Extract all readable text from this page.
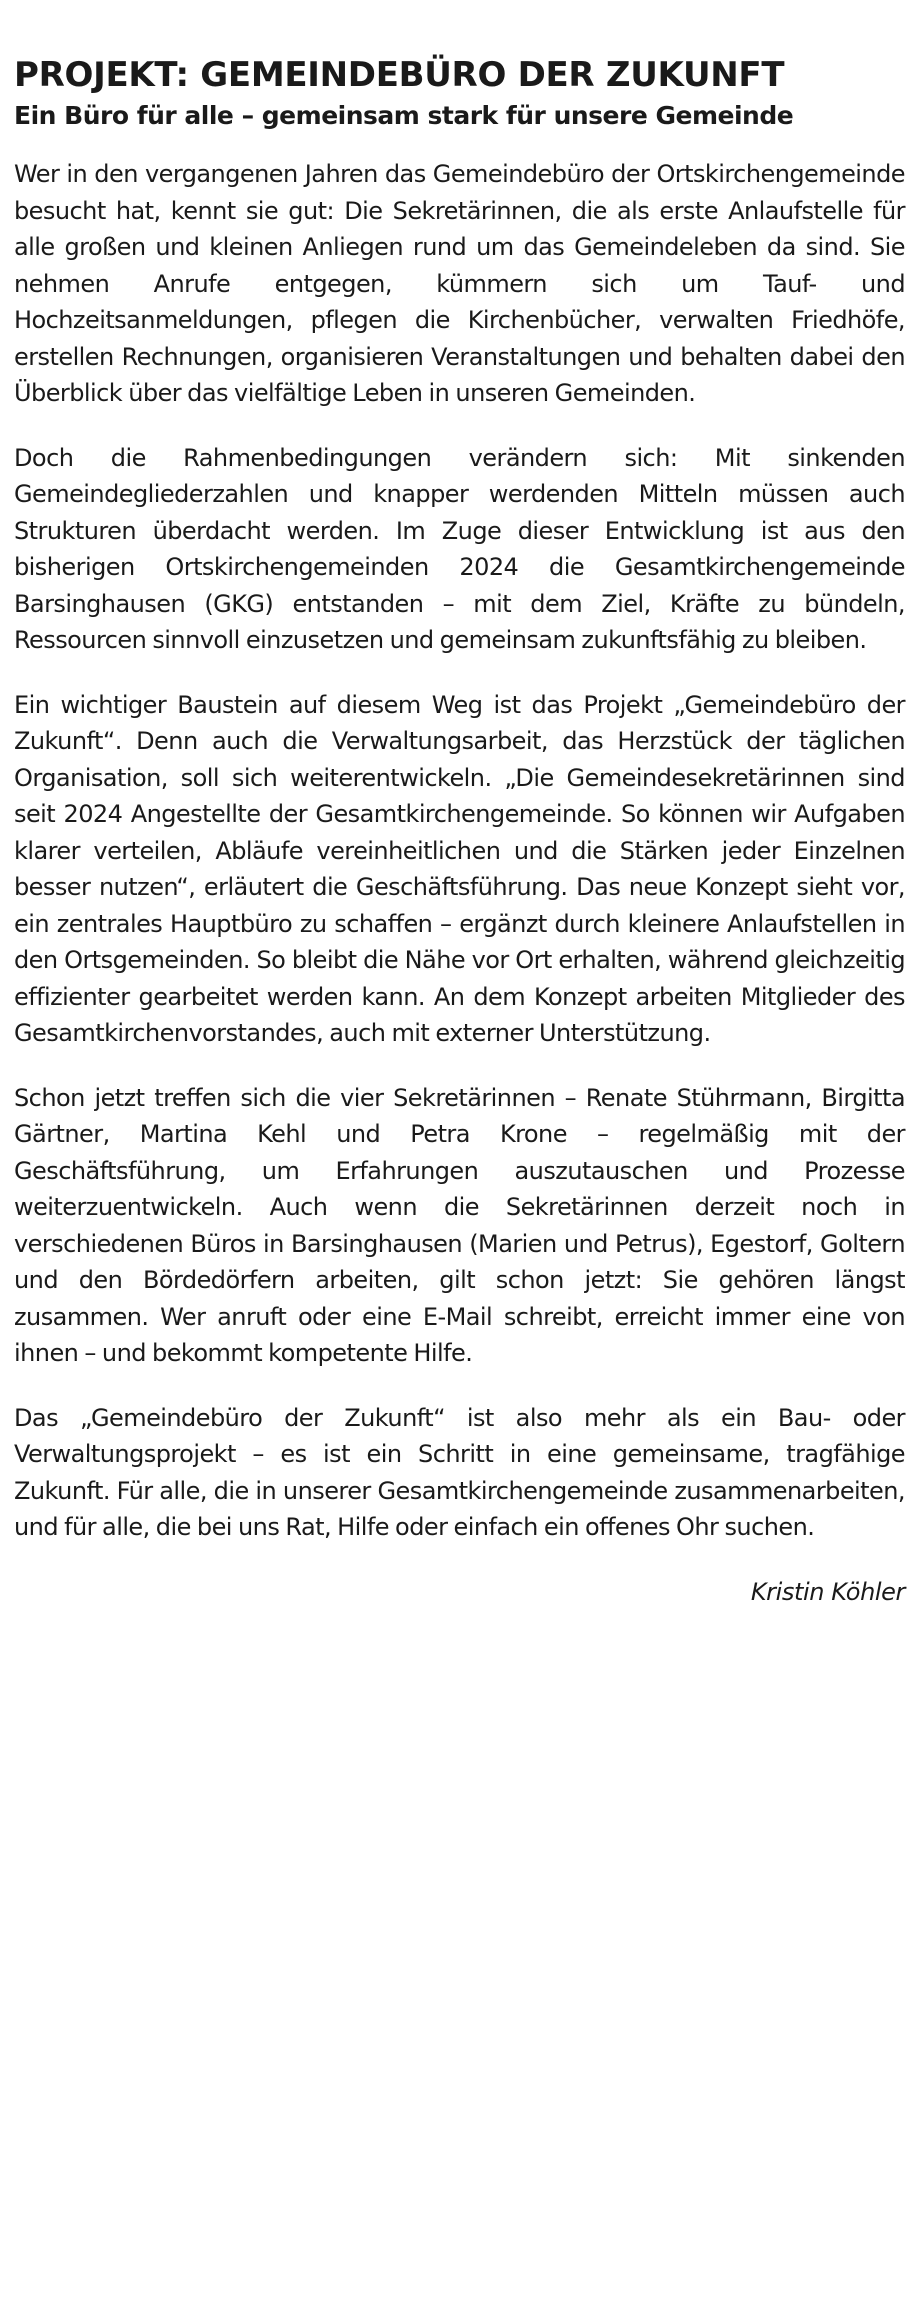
PROJEKT: GEMEINDEBÜRO DER ZUKUNFT
Ein Büro für alle – gemeinsam stark für unsere Gemeinde

Wer in den vergangenen Jahren das Gemeindebüro der Ortskirchengemeinde besucht hat, kennt sie gut: Die Sekretärinnen, die als erste Anlaufstelle für alle großen und kleinen Anliegen rund um das Gemeindeleben da sind. Sie nehmen Anrufe entgegen, kümmern sich um Tauf- und Hochzeitsanmeldungen, pflegen die Kirchenbücher, verwalten Friedhöfe, erstellen Rechnungen, organisieren Veranstaltungen und behalten dabei den Überblick über das vielfältige Leben in unseren Gemeinden.

Doch die Rahmenbedingungen verändern sich: Mit sinkenden Gemeindegliederzahlen und knapper werdenden Mitteln müssen auch Strukturen überdacht werden. Im Zuge dieser Entwicklung ist aus den bisherigen Ortskirchengemeinden 2024 die Gesamtkirchengemeinde Barsinghausen (GKG) entstanden – mit dem Ziel, Kräfte zu bündeln, Ressourcen sinnvoll einzusetzen und gemeinsam zukunftsfähig zu bleiben.

Ein wichtiger Baustein auf diesem Weg ist das Projekt „Gemeindebüro der Zukunft“. Denn auch die Verwaltungsarbeit, das Herzstück der täglichen Organisation, soll sich weiterentwickeln. „Die Gemeindesekretärinnen sind seit 2024 Angestellte der Gesamtkirchengemeinde. So können wir Aufgaben klarer verteilen, Abläufe vereinheitlichen und die Stärken jeder Einzelnen besser nutzen“, erläutert die Geschäftsführung. Das neue Konzept sieht vor, ein zentrales Hauptbüro zu schaffen – ergänzt durch kleinere Anlaufstellen in den Ortsgemeinden. So bleibt die Nähe vor Ort erhalten, während gleichzeitig effizienter gearbeitet werden kann. An dem Konzept arbeiten Mitglieder des Gesamtkirchenvorstandes, auch mit externer Unterstützung.

Schon jetzt treffen sich die vier Sekretärinnen – Renate Stührmann, Birgitta Gärtner, Martina Kehl und Petra Krone – regelmäßig mit der Geschäftsführung, um Erfahrungen auszutauschen und Prozesse weiterzuentwickeln. Auch wenn die Sekretärinnen derzeit noch in verschiedenen Büros in Barsinghausen (Marien und Petrus), Egestorf, Goltern und den Bördedörfern arbeiten, gilt schon jetzt: Sie gehören längst zusammen. Wer anruft oder eine E-Mail schreibt, erreicht immer eine von ihnen – und bekommt kompetente Hilfe.

Das „Gemeindebüro der Zukunft“ ist also mehr als ein Bau- oder Verwaltungsprojekt – es ist ein Schritt in eine gemeinsame, tragfähige Zukunft. Für alle, die in unserer Gesamtkirchengemeinde zusammenarbeiten, und für alle, die bei uns Rat, Hilfe oder einfach ein offenes Ohr suchen.

Kristin Köhler
